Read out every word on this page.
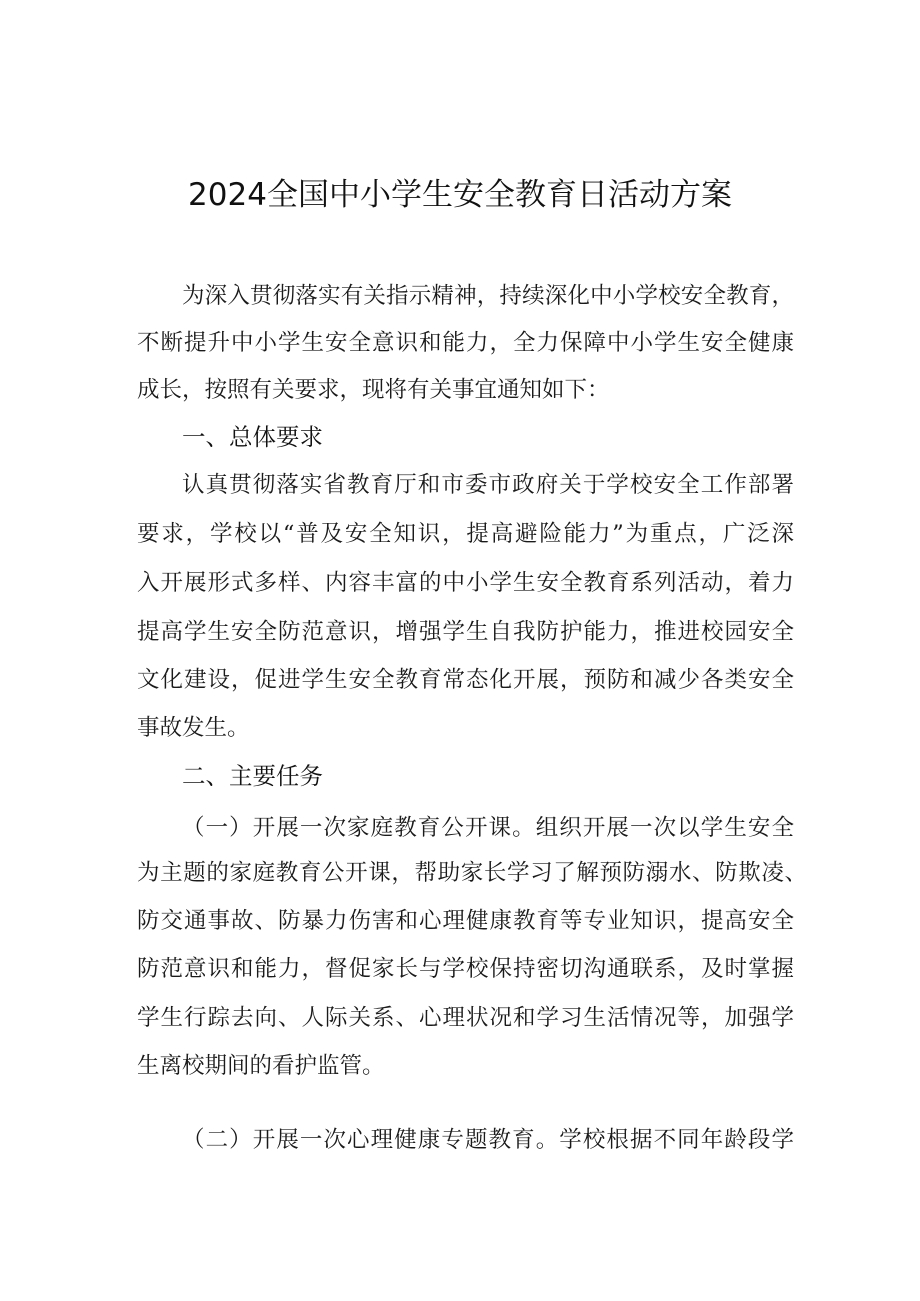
2024全国中小学生安全教育日活动方案
为深入贯彻落实有关指示精神，持续深化中小学校安全教育，
不断提升中小学生安全意识和能力，全力保障中小学生安全健康
成长，按照有关要求，现将有关事宜通知如下：
一、总体要求
认真贯彻落实省教育厅和市委市政府关于学校安全工作部署
要求，学校以“普及安全知识，提高避险能力”为重点，广泛深
入开展形式多样、内容丰富的中小学生安全教育系列活动，着力
提高学生安全防范意识，增强学生自我防护能力，推进校园安全
文化建设，促进学生安全教育常态化开展，预防和减少各类安全
事故发生。
二、主要任务
（一）开展一次家庭教育公开课。组织开展一次以学生安全
为主题的家庭教育公开课，帮助家长学习了解预防溺水、防欺凌、
防交通事故、防暴力伤害和心理健康教育等专业知识，提高安全
防范意识和能力，督促家长与学校保持密切沟通联系，及时掌握
学生行踪去向、人际关系、心理状况和学习生活情况等，加强学
生离校期间的看护监管。
（二）开展一次心理健康专题教育。学校根据不同年龄段学
